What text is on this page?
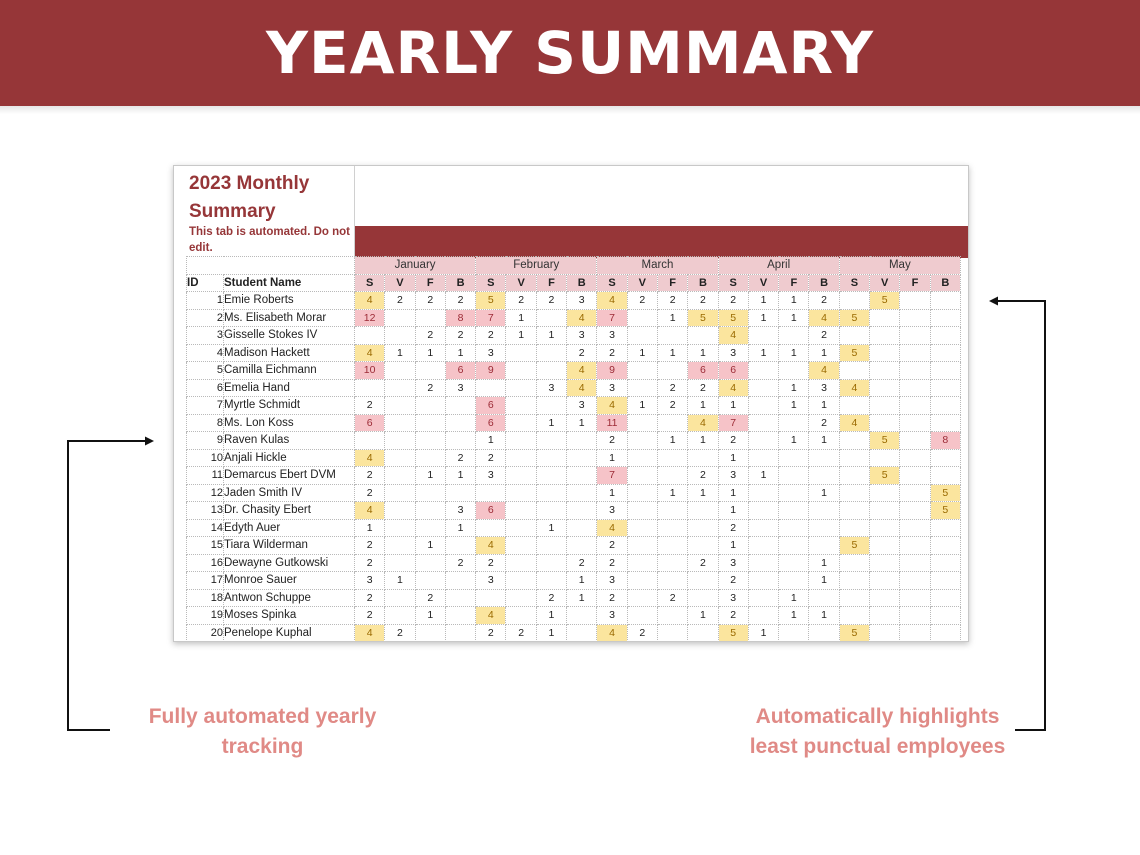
YEARLY SUMMARY
2023 Monthly Summary
This tab is automated. Do not edit.
		January				February				March				April				May			
ID	Student Name	S	V	F	B	S	V	F	B	S	V	F	B	S	V	F	B	S	V	F	B
1	Emie Roberts	4	2	2	2	5	2	2	3	4	2	2	2	2	1	1	2		5		
2	Ms. Elisabeth Morar	12			8	7	1		4	7		1	5	5	1	1	4	5			
3	Gisselle Stokes IV			2	2	2	1	1	3	3				4			2				
4	Madison Hackett	4	1	1	1	3			2	2	1	1	1	3	1	1	1	5			
5	Camilla Eichmann	10			6	9			4	9			6	6			4				
6	Emelia Hand			2	3			3	4	3		2	2	4		1	3	4			
7	Myrtle Schmidt	2				6			3	4	1	2	1	1		1	1				
8	Ms. Lon Koss	6				6		1	1	11			4	7			2	4			
9	Raven Kulas					1				2		1	1	2		1	1		5		8
10	Anjali Hickle	4			2	2				1				1							
11	Demarcus Ebert DVM	2		1	1	3				7			2	3	1				5		
12	Jaden Smith IV	2								1		1	1	1			1				5
13	Dr. Chasity Ebert	4			3	6				3				1							5
14	Edyth Auer	1			1			1		4				2							
15	Tiara Wilderman	2		1		4				2				1				5			
16	Dewayne Gutkowski	2			2	2			2	2			2	3			1				
17	Monroe Sauer	3	1			3			1	3				2			1				
18	Antwon Schuppe	2		2				2	1	2		2		3		1					
19	Moses Spinka	2		1		4		1		3			1	2		1	1				
20	Penelope Kuphal	4	2			2	2	1		4	2			5	1			5			
Fully automated yearly tracking
Automatically highlights least punctual employees
